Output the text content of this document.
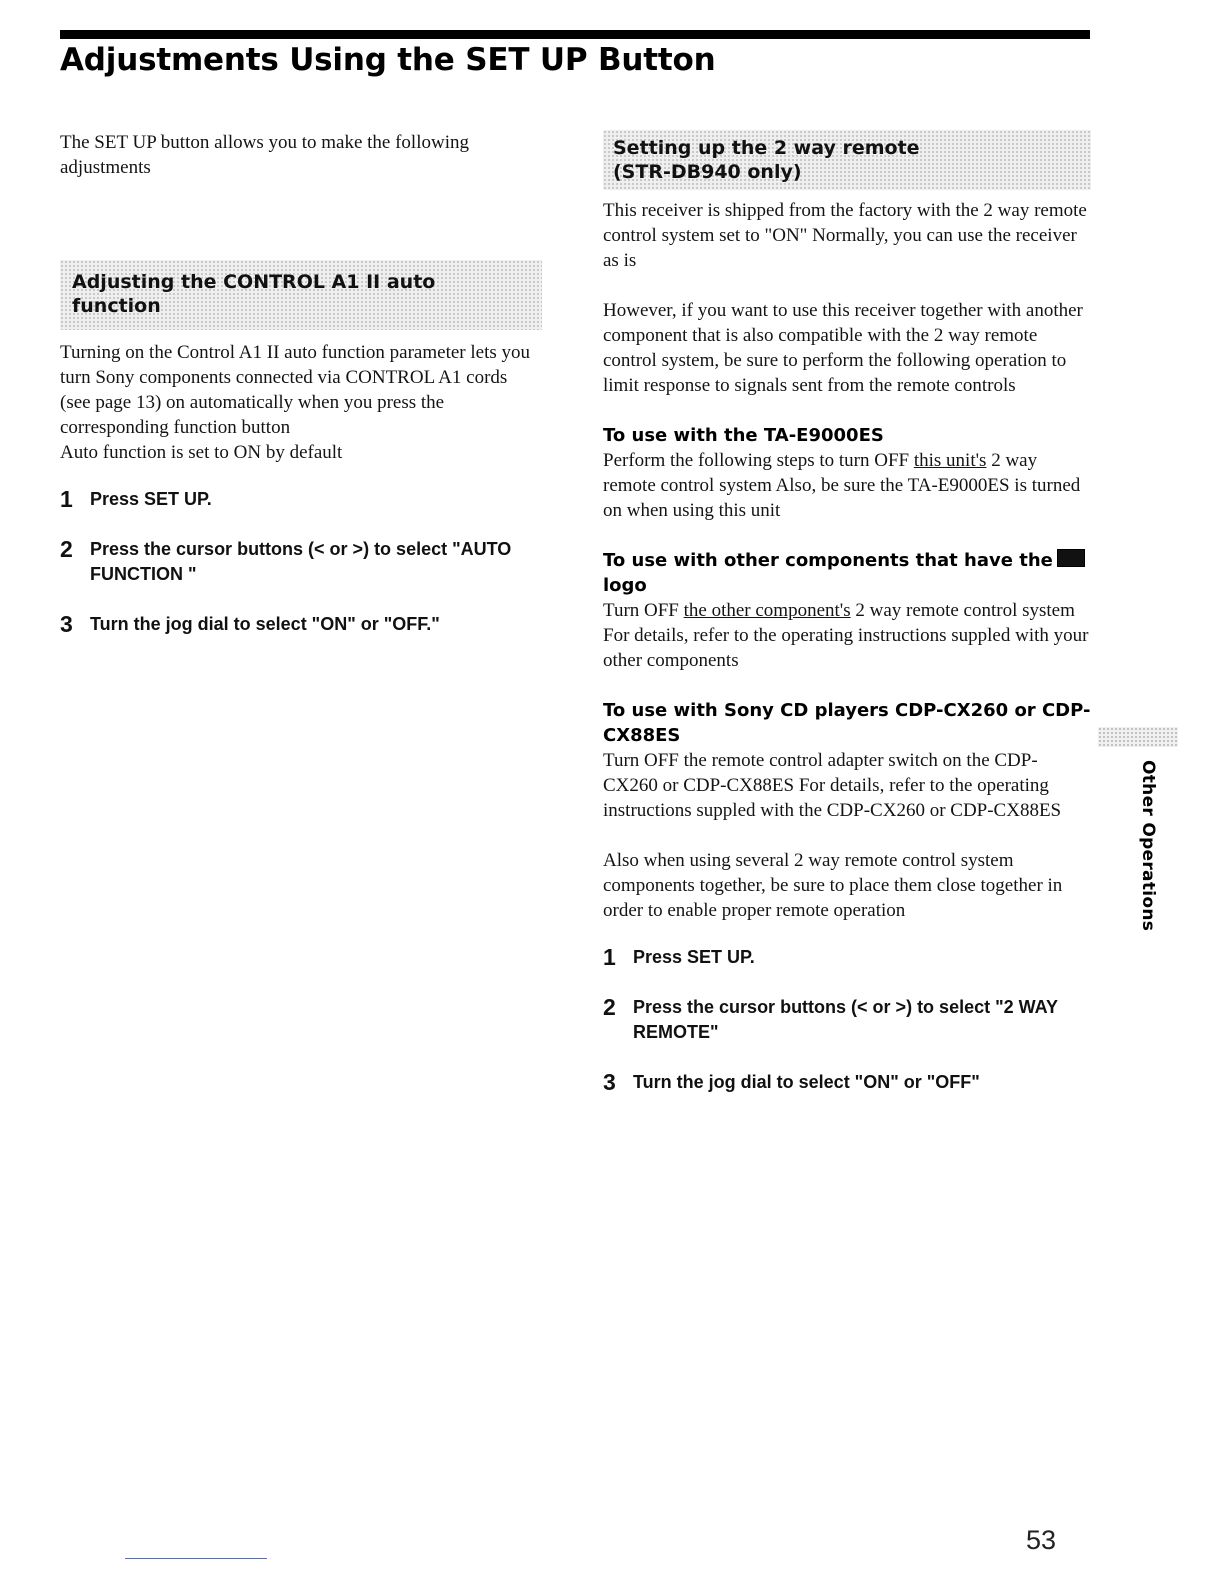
Adjustments Using the SET UP Button

The SET UP button allows you to make the following adjustments

Adjusting the CONTROL A1 II auto
function

Turning on the Control A1 II auto function parameter lets you turn Sony components connected via CONTROL A1 cords (see page 13) on automatically when you press the corresponding function button

Auto function is set to ON by default

1 Press SET UP.
2 Press the cursor buttons (< or >) to select "AUTO FUNCTION "
3 Turn the jog dial to select "ON" or "OFF."
Setting up the 2 way remote
(STR-DB940 only)

This receiver is shipped from the factory with the 2 way remote control system set to "ON" Normally, you can use the receiver as is

However, if you want to use this receiver together with another component that is also compatible with the 2 way remote control system, be sure to perform the following operation to limit response to signals sent from the remote controls

To use with the TA-E9000ES

Perform the following steps to turn OFF this unit's 2 way remote control system Also, be sure the TA-E9000ES is turned on when using this unit

To use with other components that have the
logo

Turn OFF the other component's 2 way remote control system For details, refer to the operating instructions suppled with your other components

To use with Sony CD players CDP-CX260 or CDP-CX88ES

Turn OFF the remote control adapter switch on the CDP-CX260 or CDP-CX88ES For details, refer to the operating instructions suppled with the CDP-CX260 or CDP-CX88ES

Also when using several 2 way remote control system components together, be sure to place them close together in order to enable proper remote operation

1 Press SET UP.
2 Press the cursor buttons (< or >) to select "2 WAY REMOTE"
3 Turn the jog dial to select "ON" or "OFF"
Other Operations
53
